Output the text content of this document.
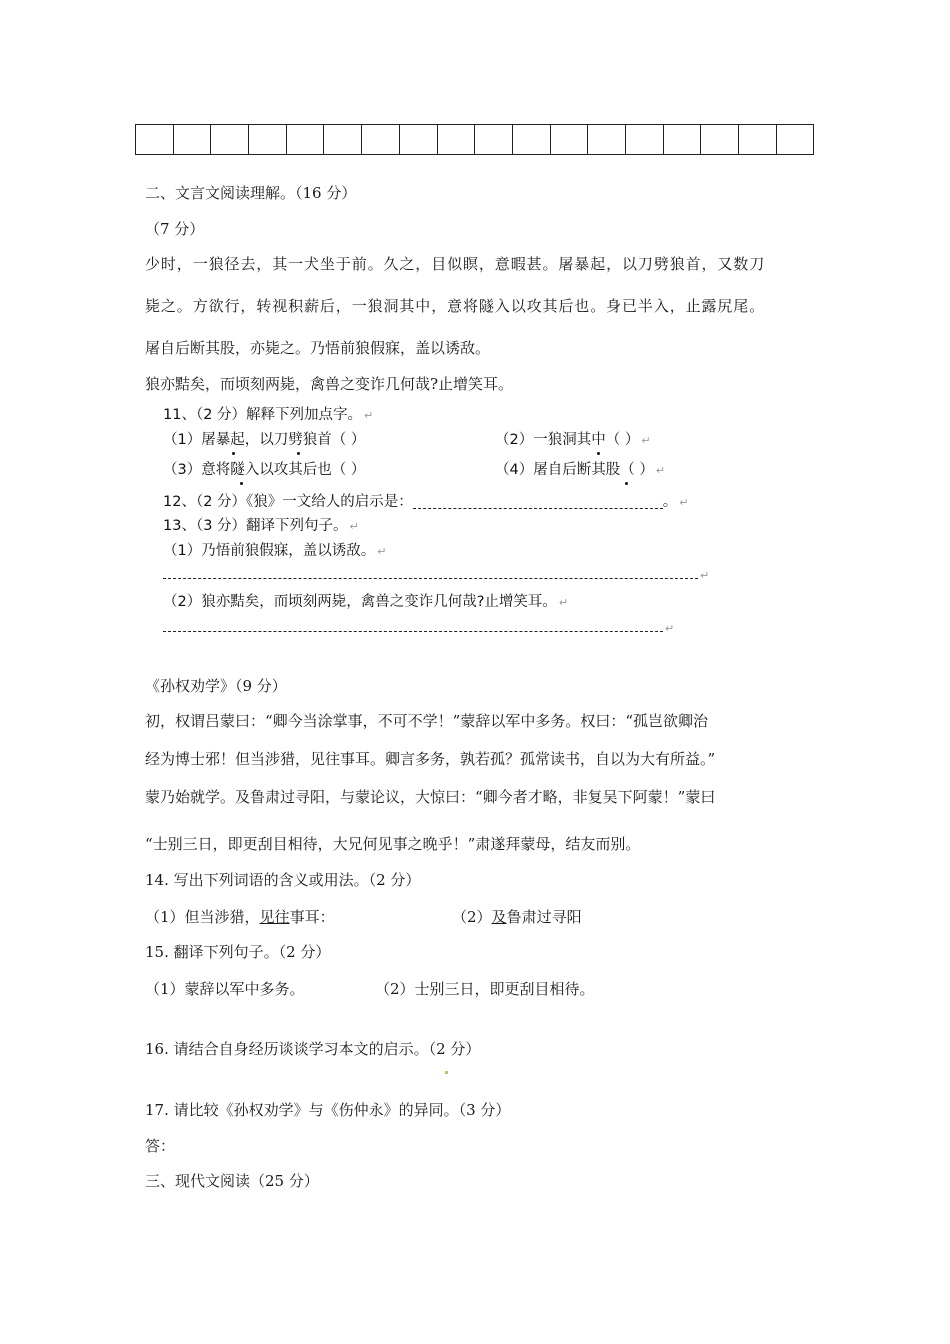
二、文言文阅读理解。（16 分）
（7 分）
少时，一狼径去，其一犬坐于前。久之，目似瞑，意暇甚。屠暴起，以刀劈狼首，又数刀
毙之。方欲行，转视积薪后，一狼洞其中，意将隧入以攻其后也。身已半入，止露尻尾。
屠自后断其股，亦毙之。乃悟前狼假寐，盖以诱敌。
狼亦黠矣，而顷刻两毙，禽兽之变诈几何哉?止增笑耳。
11、（2 分）解释下列加点字。 ↵
（1）屠暴起，以刀劈狼首（ ）	（2）一狼洞其中（ ） ↵
（3）意将隧入以攻其后也（ ）	（4）屠自后断其股（ ） ↵
12、（2 分）《狼》一文给人的启示是：	。 ↵
13、（3 分）翻译下列句子。 ↵
（1）乃悟前狼假寐，盖以诱敌。 ↵
↵
（2）狼亦黠矣，而顷刻两毙，禽兽之变诈几何哉?止增笑耳。 ↵
↵
《孙权劝学》（9 分）
初，权谓吕蒙曰：“卿今当涂掌事，不可不学！”蒙辞以军中多务。权曰：“孤岂欲卿治
经为博士邪！但当涉猎，见往事耳。卿言多务，孰若孤？孤常读书，自以为大有所益。”
蒙乃始就学。及鲁肃过寻阳，与蒙论议，大惊曰：“卿今者才略，非复吴下阿蒙！”蒙曰
“士别三日，即更刮目相待，大兄何见事之晚乎！”肃遂拜蒙母，结友而别。
14. 写出下列词语的含义或用法。（2 分）
（1）但当涉猎，见往事耳：	（2）及鲁肃过寻阳
15. 翻译下列句子。（2 分）
（1）蒙辞以军中多务。	（2）士别三日，即更刮目相待。
16. 请结合自身经历谈谈学习本文的启示。（2 分）
17. 请比较《孙权劝学》与《伤仲永》的异同。（3 分）
答：
三、现代文阅读（25 分）
